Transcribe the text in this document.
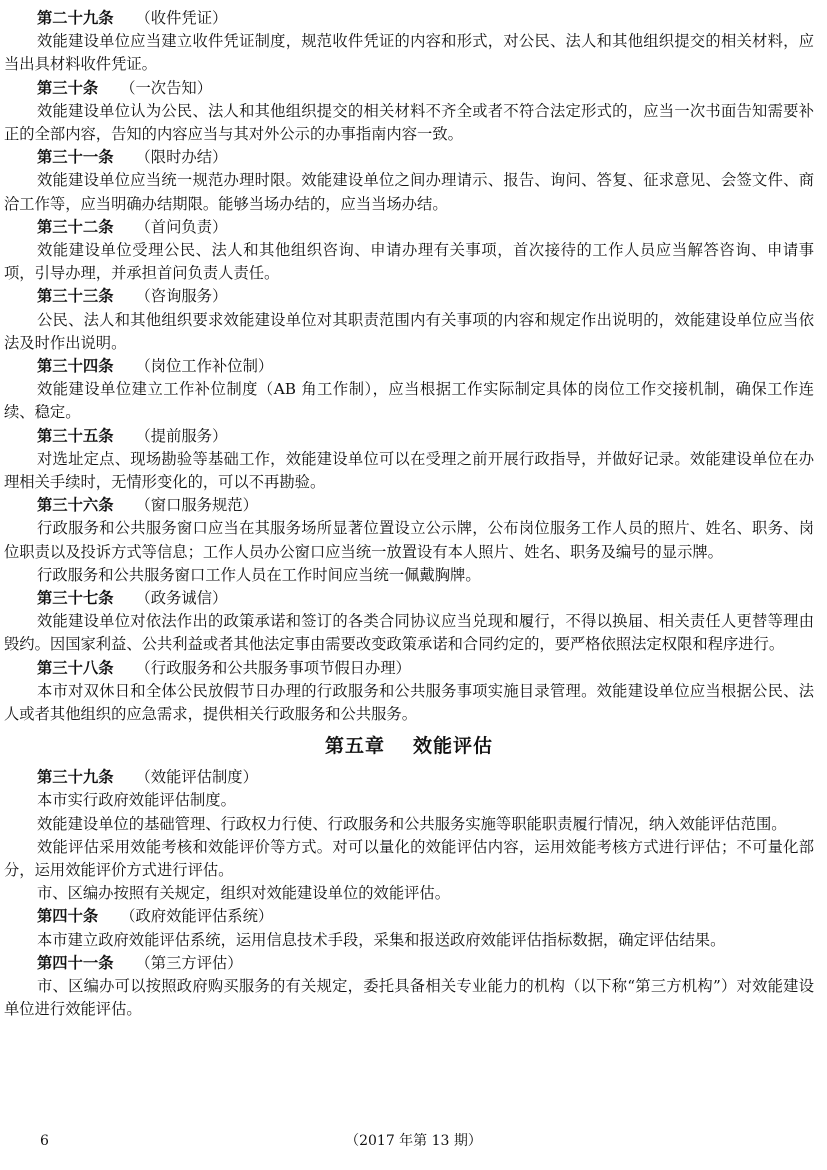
第二十九条 （收件凭证）
效能建设单位应当建立收件凭证制度，规范收件凭证的内容和形式，对公民、法人和其他组织提交的相关材料，应当出具材料收件凭证。
第三十条 （一次告知）
效能建设单位认为公民、法人和其他组织提交的相关材料不齐全或者不符合法定形式的，应当一次书面告知需要补正的全部内容，告知的内容应当与其对外公示的办事指南内容一致。
第三十一条 （限时办结）
效能建设单位应当统一规范办理时限。效能建设单位之间办理请示、报告、询问、答复、征求意见、会签文件、商洽工作等，应当明确办结期限。能够当场办结的，应当当场办结。
第三十二条 （首问负责）
效能建设单位受理公民、法人和其他组织咨询、申请办理有关事项，首次接待的工作人员应当解答咨询、申请事项，引导办理，并承担首问负责人责任。
第三十三条 （咨询服务）
公民、法人和其他组织要求效能建设单位对其职责范围内有关事项的内容和规定作出说明的，效能建设单位应当依法及时作出说明。
第三十四条 （岗位工作补位制）
效能建设单位建立工作补位制度（AB 角工作制），应当根据工作实际制定具体的岗位工作交接机制，确保工作连续、稳定。
第三十五条 （提前服务）
对选址定点、现场勘验等基础工作，效能建设单位可以在受理之前开展行政指导，并做好记录。效能建设单位在办理相关手续时，无情形变化的，可以不再勘验。
第三十六条 （窗口服务规范）
行政服务和公共服务窗口应当在其服务场所显著位置设立公示牌，公布岗位服务工作人员的照片、姓名、职务、岗位职责以及投诉方式等信息；工作人员办公窗口应当统一放置设有本人照片、姓名、职务及编号的显示牌。
行政服务和公共服务窗口工作人员在工作时间应当统一佩戴胸牌。
第三十七条 （政务诚信）
效能建设单位对依法作出的政策承诺和签订的各类合同协议应当兑现和履行，不得以换届、相关责任人更替等理由毁约。因国家利益、公共利益或者其他法定事由需要改变政策承诺和合同约定的，要严格依照法定权限和程序进行。
第三十八条 （行政服务和公共服务事项节假日办理）
本市对双休日和全体公民放假节日办理的行政服务和公共服务事项实施目录管理。效能建设单位应当根据公民、法人或者其他组织的应急需求，提供相关行政服务和公共服务。
第五章 效能评估
第三十九条 （效能评估制度）
本市实行政府效能评估制度。
效能建设单位的基础管理、行政权力行使、行政服务和公共服务实施等职能职责履行情况，纳入效能评估范围。
效能评估采用效能考核和效能评价等方式。对可以量化的效能评估内容，运用效能考核方式进行评估；不可量化部分，运用效能评价方式进行评估。
市、区编办按照有关规定，组织对效能建设单位的效能评估。
第四十条 （政府效能评估系统）
本市建立政府效能评估系统，运用信息技术手段，采集和报送政府效能评估指标数据，确定评估结果。
第四十一条 （第三方评估）
市、区编办可以按照政府购买服务的有关规定，委托具备相关专业能力的机构（以下称“第三方机构”）对效能建设单位进行效能评估。
6	（2017 年第 13 期）
